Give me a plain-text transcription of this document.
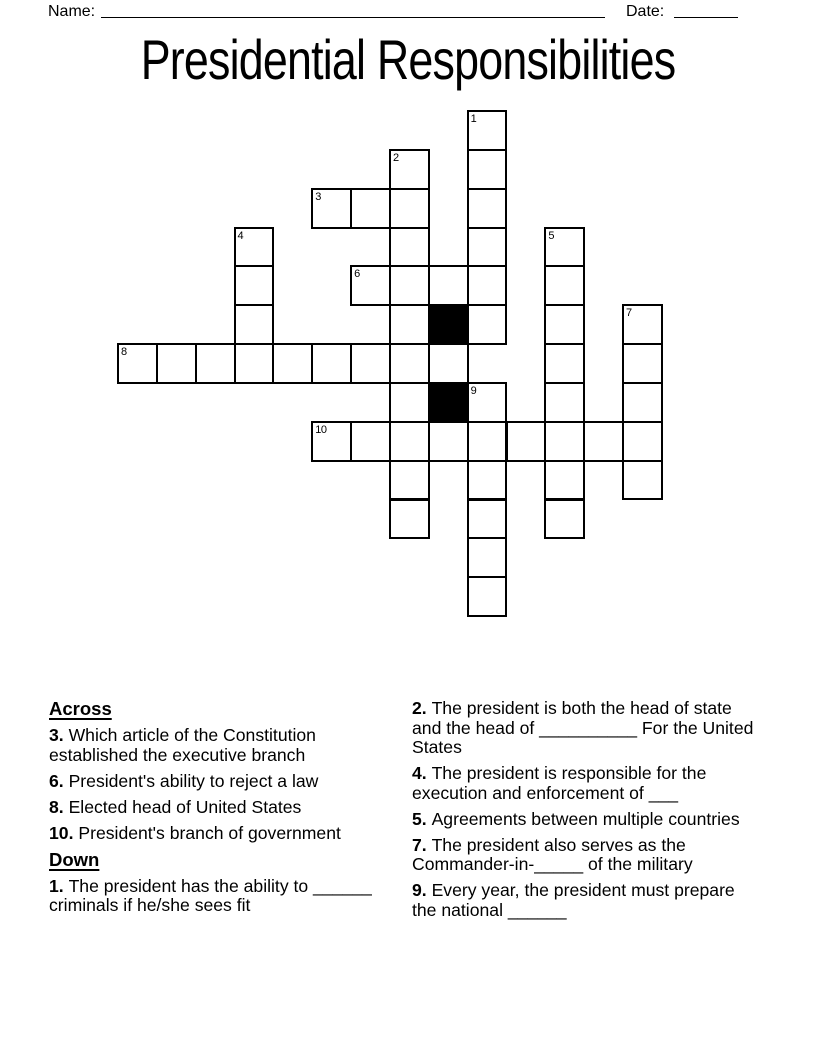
Name:	Date:
Presidential Responsibilities
1
2
3
4	5
6
7
8
9
10
Across

3. Which article of the Constitution established the executive branch

6. President's ability to reject a law

8. Elected head of United States

10. President's branch of government

Down

1. The president has the ability to ______ criminals if he/she sees fit

2. The president is both the head of state and the head of __________ For the United States

4. The president is responsible for the execution and enforcement of ___

5. Agreements between multiple countries

7. The president also serves as the Commander-in-_____ of the military

9. Every year, the president must prepare the national ______
